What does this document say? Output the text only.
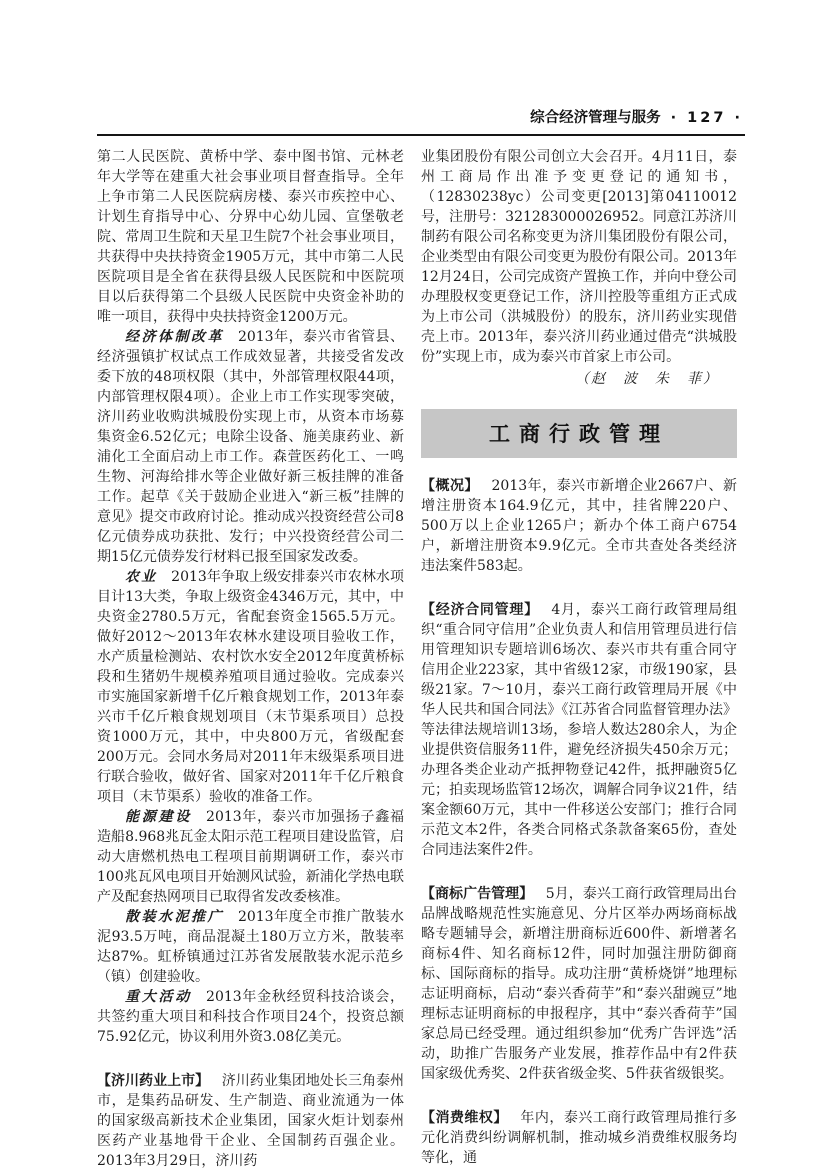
综合经济管理与服务 · 127 ·

第二人民医院、黄桥中学、泰中图书馆、元林老年大学等在建重大社会事业项目督查指导。全年上争市第二人民医院病房楼、泰兴市疾控中心、计划生育指导中心、分界中心幼儿园、宣堡敬老院、常周卫生院和天星卫生院7个社会事业项目，共获得中央扶持资金1905万元，其中市第二人民医院项目是全省在获得县级人民医院和中医院项目以后获得第二个县级人民医院中央资金补助的唯一项目，获得中央扶持资金1200万元。

经济体制改革 2013年，泰兴市省管县、经济强镇扩权试点工作成效显著，共接受省发改委下放的48项权限（其中，外部管理权限44项，内部管理权限4项）。企业上市工作实现零突破，济川药业收购洪城股份实现上市，从资本市场募集资金6.52亿元；电除尘设备、施美康药业、新浦化工全面启动上市工作。森萱医药化工、一鸣生物、河海给排水等企业做好新三板挂牌的准备工作。起草《关于鼓励企业进入“新三板”挂牌的意见》提交市政府讨论。推动成兴投资经营公司8亿元债券成功获批、发行；中兴投资经营公司二期15亿元债券发行材料已报至国家发改委。

农业 2013年争取上级安排泰兴市农林水项目计13大类，争取上级资金4346万元，其中，中央资金2780.5万元，省配套资金1565.5万元。做好2012～2013年农林水建设项目验收工作，水产质量检测站、农村饮水安全2012年度黄桥标段和生猪奶牛规模养殖项目通过验收。完成泰兴市实施国家新增千亿斤粮食规划工作，2013年泰兴市千亿斤粮食规划项目（末节渠系项目）总投资1000万元，其中，中央800万元，省级配套200万元。会同水务局对2011年末级渠系项目进行联合验收，做好省、国家对2011年千亿斤粮食项目（末节渠系）验收的准备工作。

能源建设 2013年，泰兴市加强扬子鑫福造船8.968兆瓦金太阳示范工程项目建设监管，启动大唐燃机热电工程项目前期调研工作，泰兴市100兆瓦风电项目开始测风试验，新浦化学热电联产及配套热网项目已取得省发改委核准。

散装水泥推广 2013年度全市推广散装水泥93.5万吨，商品混凝土180万立方米，散装率达87%。虹桥镇通过江苏省发展散装水泥示范乡（镇）创建验收。

重大活动 2013年金秋经贸科技洽谈会，共签约重大项目和科技合作项目24个，投资总额75.92亿元，协议利用外资3.08亿美元。

【济川药业上市】 济川药业集团地处长三角泰州市，是集药品研发、生产制造、商业流通为一体的国家级高新技术企业集团，国家火炬计划泰州医药产业基地骨干企业、全国制药百强企业。2013年3月29日，济川药

业集团股份有限公司创立大会召开。4月11日，泰州工商局作出准予变更登记的通知书，（12830238yc）公司变更[2013]第04110012号，注册号：321283000026952。同意江苏济川制药有限公司名称变更为济川集团股份有限公司，企业类型由有限公司变更为股份有限公司。2013年12月24日，公司完成资产置换工作，并向中登公司办理股权变更登记工作，济川控股等重组方正式成为上市公司（洪城股份）的股东，济川药业实现借壳上市。2013年，泰兴济川药业通过借壳“洪城股份”实现上市，成为泰兴市首家上市公司。

（赵　波　朱　菲）

工商行政管理

【概况】 2013年，泰兴市新增企业2667户、新增注册资本164.9亿元，其中，挂省牌220户、500万以上企业1265户；新办个体工商户6754户，新增注册资本9.9亿元。全市共查处各类经济违法案件583起。

【经济合同管理】 4月，泰兴工商行政管理局组织“重合同守信用”企业负责人和信用管理员进行信用管理知识专题培训6场次、泰兴市共有重合同守信用企业223家，其中省级12家，市级190家，县级21家。7～10月，泰兴工商行政管理局开展《中华人民共和国合同法》《江苏省合同监督管理办法》等法律法规培训13场，参培人数达280余人，为企业提供资信服务11件，避免经济损失450余万元；办理各类企业动产抵押物登记42件，抵押融资5亿元；拍卖现场监管12场次，调解合同争议21件，结案金额60万元，其中一件移送公安部门；推行合同示范文本2件，各类合同格式条款备案65份，查处合同违法案件2件。

【商标广告管理】 5月，泰兴工商行政管理局出台品牌战略规范性实施意见、分片区举办两场商标战略专题辅导会，新增注册商标近600件、新增著名商标4件、知名商标12件，同时加强注册防御商标、国际商标的指导。成功注册“黄桥烧饼”地理标志证明商标，启动“泰兴香荷芋”和“泰兴甜豌豆”地理标志证明商标的申报程序，其中“泰兴香荷芋”国家总局已经受理。通过组织参加“优秀广告评选”活动，助推广告服务产业发展，推荐作品中有2件获国家级优秀奖、2件获省级金奖、5件获省级银奖。

【消费维权】 年内，泰兴工商行政管理局推行多元化消费纠纷调解机制，推动城乡消费维权服务均等化，通
